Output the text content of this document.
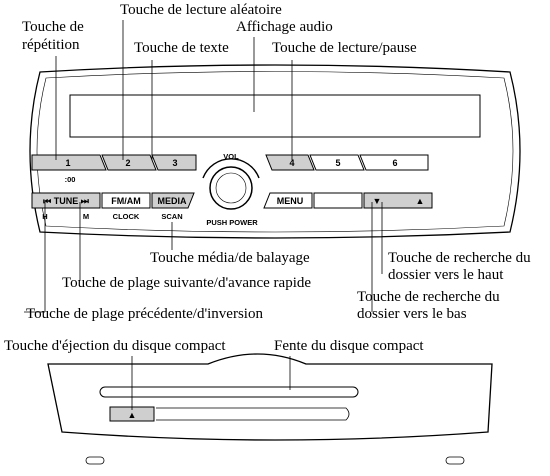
1	2	3
:00
4	5	6
VOL
PUSH POWER
⏮ TUNE ⏭ FM/AM MEDIA
H	M	CLOCK	SCAN
MENU	▼	▲
Touche de lecture aléatoire
Touche de
répétition
Affichage audio
Touche de texte	Touche de lecture/pause
Touche média/de balayage	Touche de recherche du
dossier vers le haut
Touche de plage suivante/d'avance rapide
Touche de recherche du
dossier vers le bas
Touche de plage précédente/d'inversion
Touche d'éjection du disque compact	Fente du disque compact
▲
